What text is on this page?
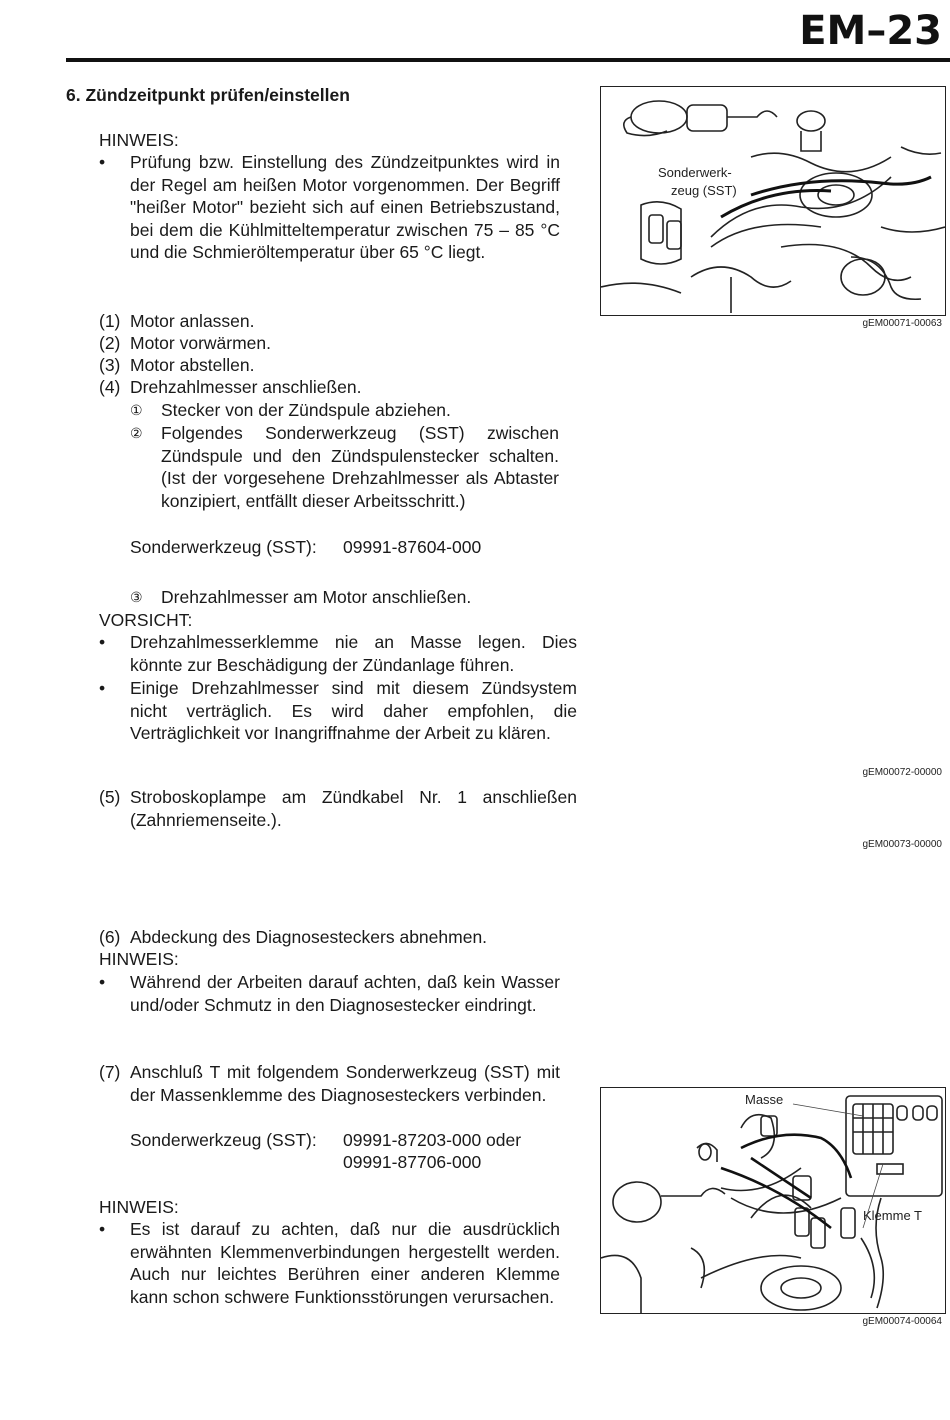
EM–23
6. Zündzeitpunkt prüfen/einstellen
HINWEIS:
• Prüfung bzw. Einstellung des Zündzeitpunktes wird in der Regel am heißen Motor vorgenommen. Der Begriff "heißer Motor" bezieht sich auf einen Betriebszustand, bei dem die Kühlmitteltemperatur zwischen 75 – 85 °C und die Schmieröltemperatur über 65 °C liegt.
(1) Motor anlassen.
(2) Motor vorwärmen.
(3) Motor abstellen.
(4) Drehzahlmesser anschließen.
① Stecker von der Zündspule abziehen.
② Folgendes Sonderwerkzeug (SST) zwischen Zündspule und den Zündspulenstecker schalten. (Ist der vorgesehene Drehzahlmesser als Abtaster konzipiert, entfällt dieser Arbeitsschritt.)
Sonderwerkzeug (SST): 09991-87604-000
③ Drehzahlmesser am Motor anschließen.
VORSICHT:
• Drehzahlmesserklemme nie an Masse legen. Dies könnte zur Beschädigung der Zündanlage führen.
• Einige Drehzahlmesser sind mit diesem Zündsystem nicht verträglich. Es wird daher empfohlen, die Verträglichkeit vor Inangriffnahme der Arbeit zu klären.
(5) Stroboskoplampe am Zündkabel Nr. 1 anschließen (Zahnriemenseite.).
(6) Abdeckung des Diagnosesteckers abnehmen.
HINWEIS:
• Während der Arbeiten darauf achten, daß kein Wasser und/oder Schmutz in den Diagnosestecker eindringt.
(7) Anschluß T mit folgendem Sonderwerkzeug (SST) mit der Massenklemme des Diagnosesteckers verbinden.
Sonderwerkzeug (SST): 09991-87203-000 oder
09991-87706-000
HINWEIS:
• Es ist darauf zu achten, daß nur die ausdrücklich erwähnten Klemmenverbindungen hergestellt werden. Auch nur leichtes Berühren einer anderen Klemme kann schon schwere Funktionsstörungen verursachen.
Sonderwerk-
zeug (SST)
gEM00071-00063
gEM00072-00000
gEM00073-00000
Masse
Klemme T
gEM00074-00064
